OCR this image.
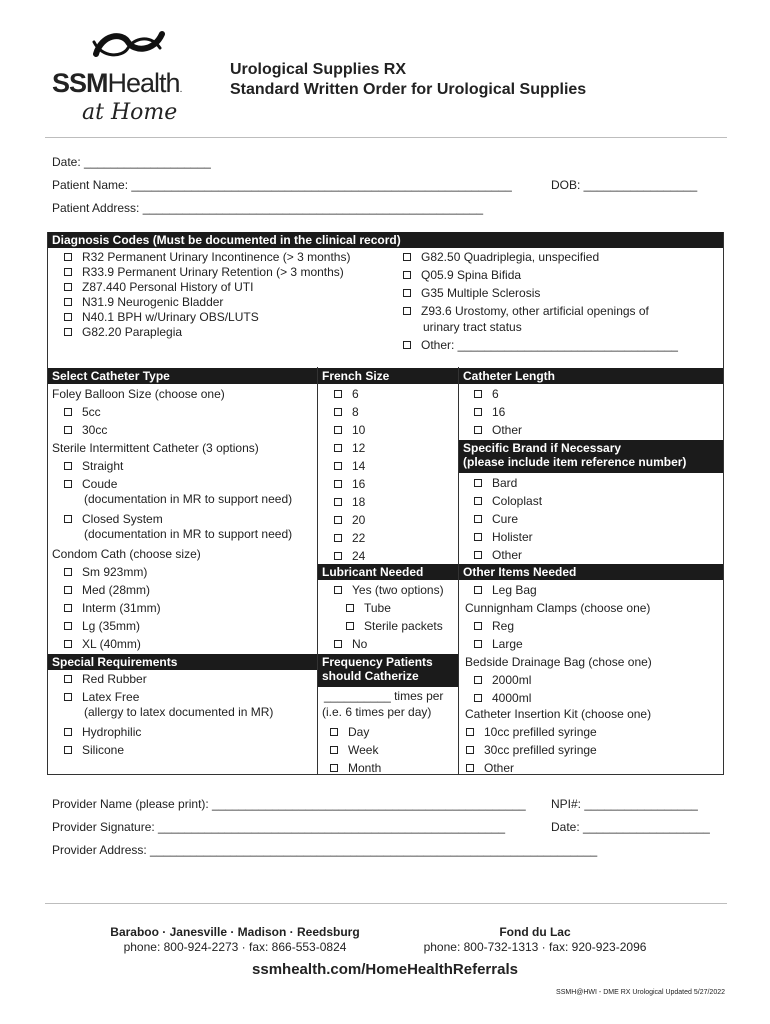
SSMHealth.
at Home
Urological Supplies RX
Standard Written Order for Urological Supplies
Date: ___________________
Patient Name: _________________________________________________________	DOB: _________________
Patient Address: ___________________________________________________
Diagnosis Codes (Must be documented in the clinical record)
R32 Permanent Urinary Incontinence (> 3 months)
R33.9 Permanent Urinary Retention (> 3 months)
Z87.440 Personal History of UTI
N31.9 Neurogenic Bladder
N40.1 BPH w/Urinary OBS/LUTS
G82.20 Paraplegia
G82.50 Quadriplegia, unspecified
Q05.9 Spina Bifida
G35 Multiple Sclerosis
Z93.6 Urostomy, other artificial openings of
urinary tract status
Other: _________________________________
Select Catheter Type
Foley Balloon Size (choose one)
5cc
30cc
Sterile Intermittent Catheter (3 options)
Straight
Coude
(documentation in MR to support need)
Closed System
(documentation in MR to support need)
Condom Cath (choose size)
Sm 923mm)
Med (28mm)
Interm (31mm)
Lg (35mm)
XL (40mm)
Special Requirements
Red Rubber
Latex Free
(allergy to latex documented in MR)
Hydrophilic
Silicone
French Size
6
8
10
12
14
16
18
20
22
24
Lubricant Needed
Yes (two options)
Tube
Sterile packets
No
Frequency Patients
should Catherize
__________ times per
(i.e. 6 times per day)
Day
Week
Month
Catheter Length
6
16
Other
Specific Brand if Necessary
(please include item reference number)
Bard
Coloplast
Cure
Holister
Other
Other Items Needed
Leg Bag
Cunnignham Clamps (choose one)
Reg
Large
Bedside Drainage Bag (chose one)
2000ml
4000ml
Catheter Insertion Kit (choose one)
10cc prefilled syringe
30cc prefilled syringe
Other
Provider Name (please print): _______________________________________________ NPI#: _________________
Provider Signature: ____________________________________________________	Date: ___________________
Provider Address: ___________________________________________________________________
Baraboo · Janesville · Madison · Reedsburg
phone: 800-924-2273 · fax: 866-553-0824
Fond du Lac
phone: 800-732-1313 · fax: 920-923-2096
ssmhealth.com/HomeHealthReferrals
SSMH@HWI - DME RX Urological Updated 5/27/2022
